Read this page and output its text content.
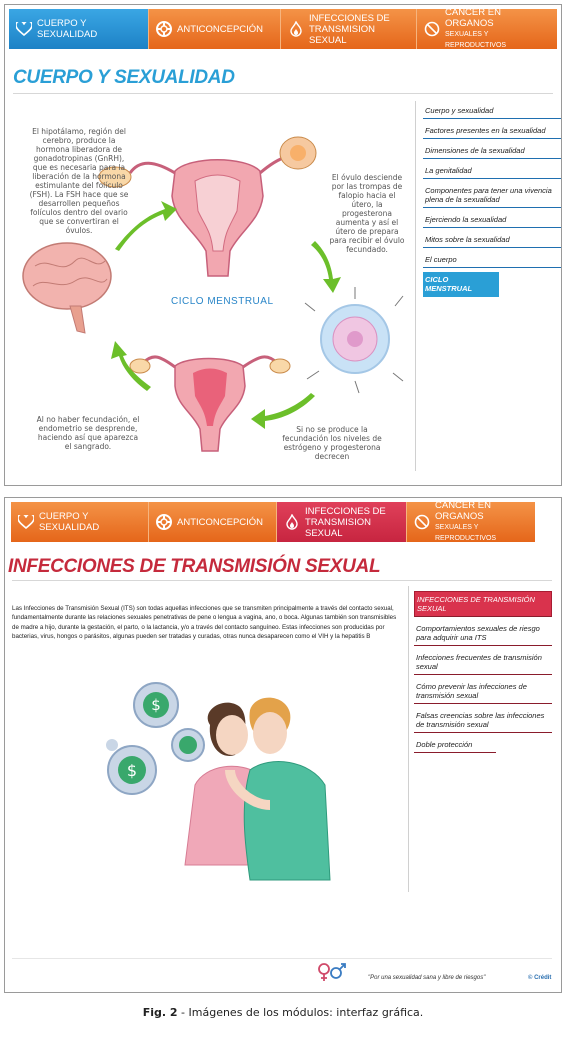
CUERPO Y SEXUALIDAD	ANTICONCEPCIÓN
INFECCIONES DE
TRANSMISION SEXUAL
CANCER EN ORGANOS
SEXUALES Y REPRODUCTIVOS
CUERPO Y SEXUALIDAD
El hipotálamo, región del cerebro, produce la hormona liberadora de gonadotropinas (GnRH), que es necesaria para la liberación de la hormona estimulante del folículo (FSH). La FSH hace que se desarrollen pequeños folículos dentro del ovario que se convertiran el óvulos.
El óvulo desciende por las trompas de falopio hacia el útero, la progesterona aumenta y así el útero de prepara para recibir el óvulo fecundado.
Si no se produce la fecundación los niveles de estrógeno y progesterona decrecen
Al no haber fecundación, el endometrio se desprende, haciendo así que aparezca el sangrado.
CICLO MENSTRUAL
Cuerpo y sexualidad
Factores presentes en la sexualidad
Dimensiones de la sexualidad
La genitalidad
Componentes para tener una vivencia plena de la sexualidad
Ejerciendo la sexualidad
Mitos sobre la sexualidad
El cuerpo
CICLO MENSTRUAL
CUERPO Y SEXUALIDAD	ANTICONCEPCIÓN
INFECCIONES DE
TRANSMISION SEXUAL
CANCER EN ORGANOS
SEXUALES Y REPRODUCTIVOS
INFECCIONES DE TRANSMISIÓN SEXUAL
Las Infecciones de Transmisión Sexual (ITS) son todas aquellas infecciones que se transmiten principalmente a través del contacto sexual, fundamentalmente durante las relaciones sexuales penetrativas de pene o lengua a vagina, ano, o boca. Algunas también son transmisibles de madre a hijo, durante la gestación, el parto, o la lactancia, y/o a través del contacto sanguíneo. Estas infecciones son producidas por bacterias, virus, hongos o parásitos, algunas pueden ser tratadas y curadas, otras nunca desaparecen como el VIH y la hepatitis B
$
$
INFECCIONES DE TRANSMISIÓN SEXUAL
Comportamientos sexuales de riesgo para adquirir una ITS
Infecciones frecuentes de transmisión sexual
Cómo prevenir las infecciones de transmisión sexual
Falsas creencias sobre las infecciones de transmisión sexual
Doble protección
"Por una sexualidad sana y libre de riesgos"	© Crédit
Fig. 2 - Imágenes de los módulos: interfaz gráfica.
